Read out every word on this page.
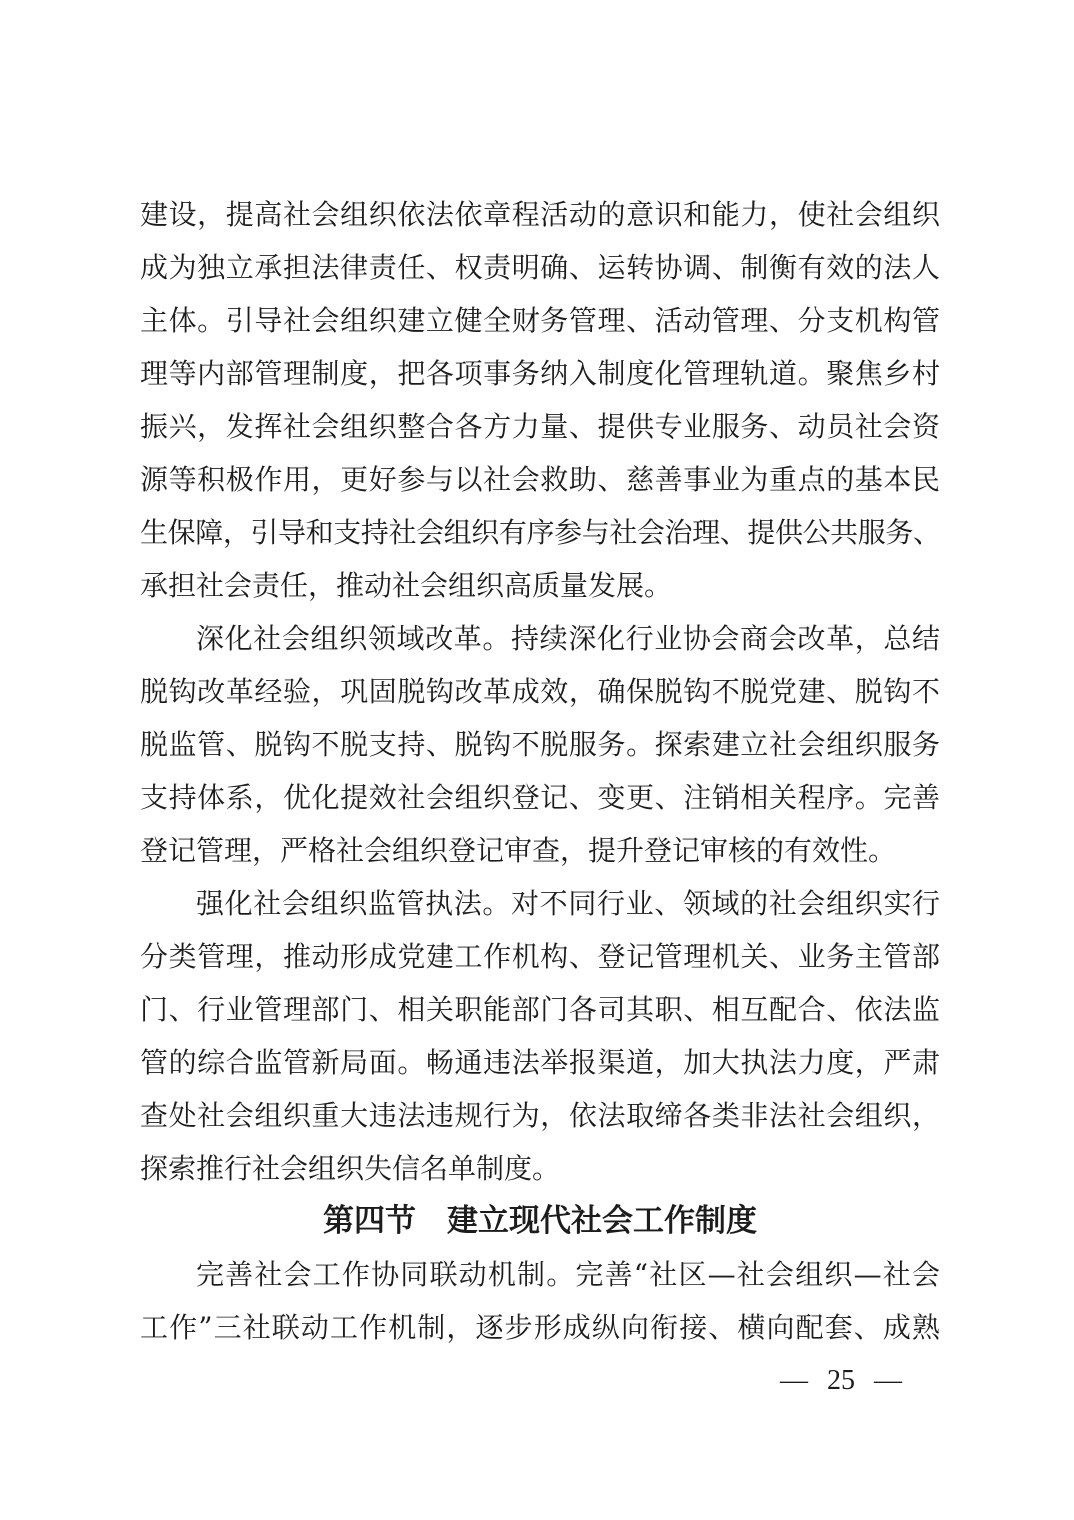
建设，提高社会组织依法依章程活动的意识和能力，使社会组织
成为独立承担法律责任、权责明确、运转协调、制衡有效的法人
主体。引导社会组织建立健全财务管理、活动管理、分支机构管
理等内部管理制度，把各项事务纳入制度化管理轨道。聚焦乡村
振兴，发挥社会组织整合各方力量、提供专业服务、动员社会资
源等积极作用，更好参与以社会救助、慈善事业为重点的基本民
生保障，引导和支持社会组织有序参与社会治理、提供公共服务、
承担社会责任，推动社会组织高质量发展。
深化社会组织领域改革。持续深化行业协会商会改革，总结
脱钩改革经验，巩固脱钩改革成效，确保脱钩不脱党建、脱钩不
脱监管、脱钩不脱支持、脱钩不脱服务。探索建立社会组织服务
支持体系，优化提效社会组织登记、变更、注销相关程序。完善
登记管理，严格社会组织登记审查，提升登记审核的有效性。
强化社会组织监管执法。对不同行业、领域的社会组织实行
分类管理，推动形成党建工作机构、登记管理机关、业务主管部
门、行业管理部门、相关职能部门各司其职、相互配合、依法监
管的综合监管新局面。畅通违法举报渠道，加大执法力度，严肃
查处社会组织重大违法违规行为，依法取缔各类非法社会组织，
探索推行社会组织失信名单制度。
第四节　建立现代社会工作制度
完善社会工作协同联动机制。完善“社区—社会组织—社会
工作”三社联动工作机制，逐步形成纵向衔接、横向配套、成熟
— 25 —
